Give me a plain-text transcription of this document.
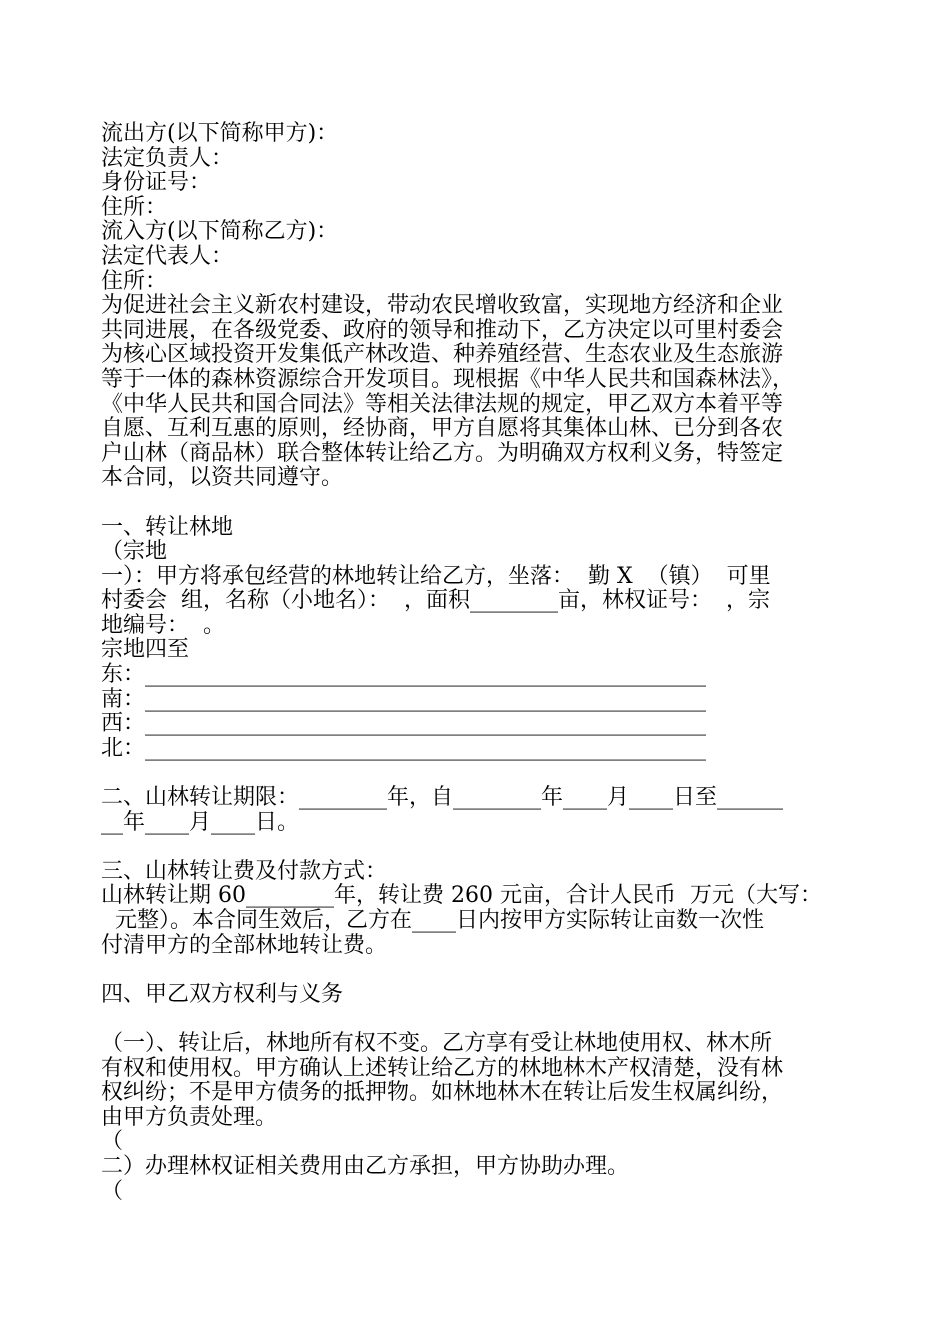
流出方(以下简称甲方)：
法定负责人：
身份证号：
住所：
流入方(以下简称乙方)：
法定代表人：
住所：
为促进社会主义新农村建设，带动农民增收致富，实现地方经济和企业
共同进展，在各级党委、政府的领导和推动下，乙方决定以可里村委会
为核心区域投资开发集低产林改造、种养殖经营、生态农业及生态旅游
等于一体的森林资源综合开发项目。现根据《中华人民共和国森林法》，
《中华人民共和国合同法》等相关法律法规的规定，甲乙双方本着平等
自愿、互利互惠的原则，经协商，甲方自愿将其集体山林、已分到各农
户山林（商品林）联合整体转让给乙方。为明确双方权利义务，特签定
本合同，以资共同遵守。
一、转让林地
（宗地
一）：甲方将承包经营的林地转让给乙方，坐落：  勤 X  （镇）  可里
村委会  组，名称（小地名）：  ，面积________亩，林权证号：  ，宗
地编号：  。
宗地四至
东：___________________________________________________
南：___________________________________________________
西：___________________________________________________
北：___________________________________________________
二、山林转让期限：________年，自________年____月____日至______
__年____月____日。
三、山林转让费及付款方式：
山林转让期 60________年，转让费 260 元亩，合计人民币  万元（大写：
元整）。本合同生效后，乙方在____日内按甲方实际转让亩数一次性
付清甲方的全部林地转让费。
四、甲乙双方权利与义务
（一）、转让后，林地所有权不变。乙方享有受让林地使用权、林木所
有权和使用权。甲方确认上述转让给乙方的林地林木产权清楚，没有林
权纠纷；不是甲方债务的抵押物。如林地林木在转让后发生权属纠纷，
由甲方负责处理。
（
二）办理林权证相关费用由乙方承担，甲方协助办理。
（
